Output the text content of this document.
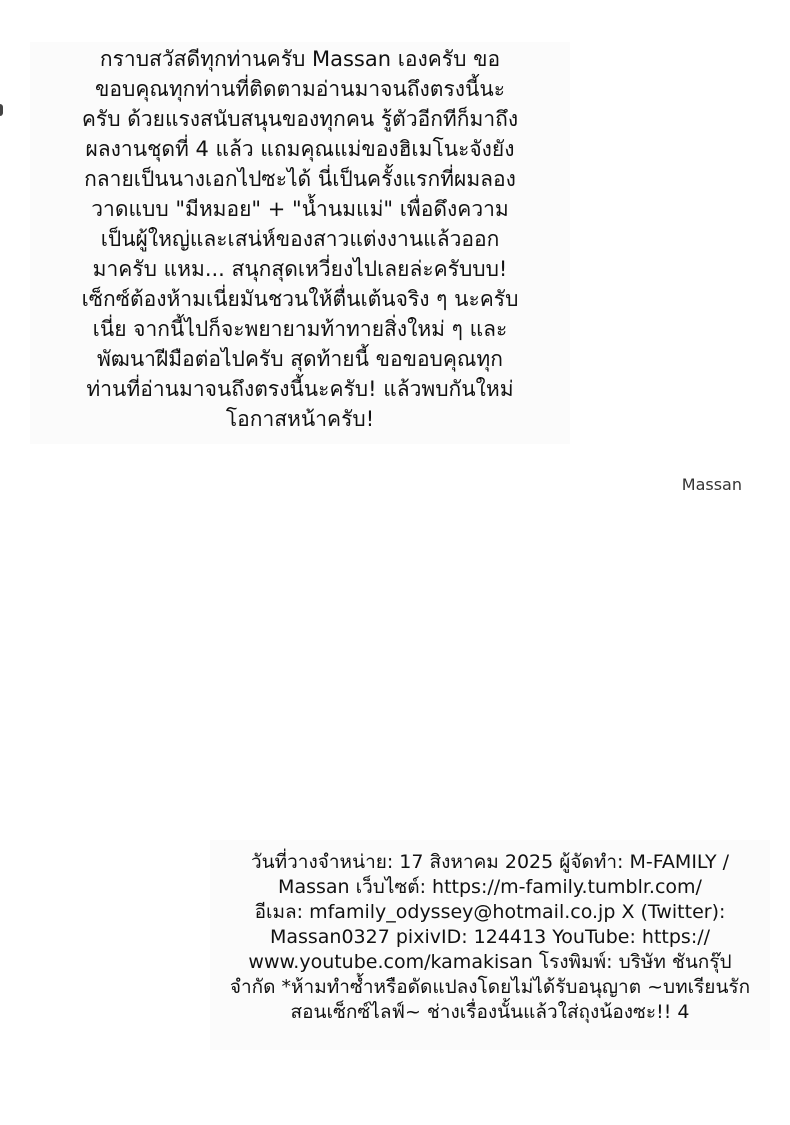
กราบสวัสดีทุกท่านครับ Massan เองครับ ขอ
ขอบคุณทุกท่านที่ติดตามอ่านมาจนถึงตรงนี้นะ
ครับ ด้วยแรงสนับสนุนของทุกคน รู้ตัวอีกทีก็มาถึง
ผลงานชุดที่ 4 แล้ว แถมคุณแม่ของฮิเมโนะจังยัง
กลายเป็นนางเอกไปซะได้ นี่เป็นครั้งแรกที่ผมลอง
วาดแบบ "มีหมอย" + "น้ำนมแม่" เพื่อดึงความ
เป็นผู้ใหญ่และเสน่ห์ของสาวแต่งงานแล้วออก
มาครับ แหม... สนุกสุดเหวี่ยงไปเลยล่ะครับบบ!
เซ็กซ์ต้องห้ามเนี่ยมันชวนให้ตื่นเต้นจริง ๆ นะครับ
เนี่ย จากนี้ไปก็จะพยายามท้าทายสิ่งใหม่ ๆ และ
พัฒนาฝีมือต่อไปครับ สุดท้ายนี้ ขอขอบคุณทุก
ท่านที่อ่านมาจนถึงตรงนี้นะครับ! แล้วพบกันใหม่
โอกาสหน้าครับ!
Massan
วันที่วางจำหน่าย: 17 สิงหาคม 2025 ผู้จัดทำ: M-FAMILY /
Massan เว็บไซต์: https://m-family.tumblr.com/
อีเมล: mfamily_odyssey@hotmail.co.jp X (Twitter):
Massan0327 pixivID: 124413 YouTube: https://
www.youtube.com/kamakisan โรงพิมพ์: บริษัท ชันกรุ๊ป
จำกัด *ห้ามทำซ้ำหรือดัดแปลงโดยไม่ได้รับอนุญาต ~บทเรียนรัก
สอนเซ็กซ์ไลฟ์~ ช่างเรื่องนั้นแล้วใส่ถุงน้องซะ!! 4
